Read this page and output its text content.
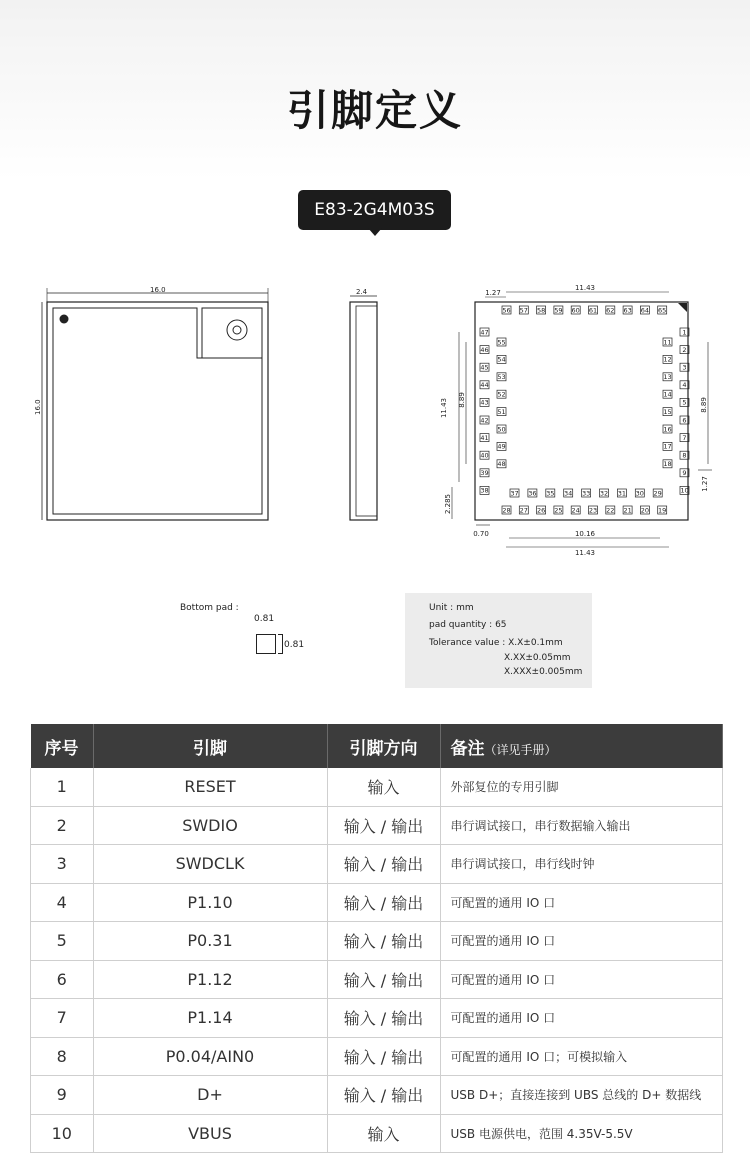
引脚定义
E83-2G4M03S
16.0
16.0
2.4
56 57 58 59 60 61 62 63 64 65
47
46
45
44
43
42
41
40
39
38
55
54
53
52
51
50
49
48
1
2
3
4
5
6
7
8
9
10
11
12
13
14
15
16
17
18
28 27 26 25 24 23 22 21 20 19
37 36 35 34 33 32 31 30 29
1.27
11.43
11.43 8.89	8.89
1.27
2.285
0.70	10.16
11.43
Bottom pad :
0.81
0.81
Unit : mm
pad quantity : 65
Tolerance value : X.X±0.1mm
X.XX±0.05mm
X.XXX±0.005mm
序号	引脚	引脚方向	备注（详见手册）
1	RESET	输入	外部复位的专用引脚
2	SWDIO	输入 / 输出	串行调试接口，串行数据输入输出
3	SWDCLK	输入 / 输出	串行调试接口，串行线时钟
4	P1.10	输入 / 输出	可配置的通用 IO 口
5	P0.31	输入 / 输出	可配置的通用 IO 口
6	P1.12	输入 / 输出	可配置的通用 IO 口
7	P1.14	输入 / 输出	可配置的通用 IO 口
8	P0.04/AIN0	输入 / 输出	可配置的通用 IO 口；可模拟输入
9	D+	输入 / 输出	USB D+；直接连接到 UBS 总线的 D+ 数据线
10	VBUS	输入	USB 电源供电，范围 4.35V-5.5V
